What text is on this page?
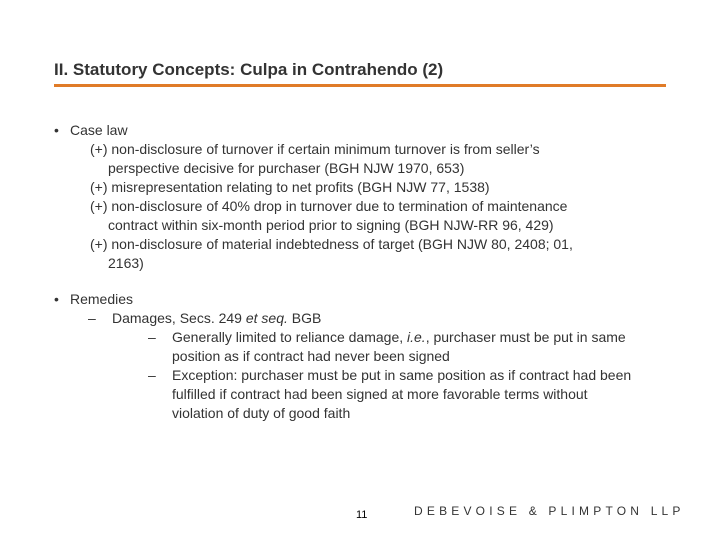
II. Statutory Concepts: Culpa in Contrahendo (2)
• Case law
(+) non-disclosure of turnover if certain minimum turnover is from seller’s
perspective decisive for purchaser (BGH NJW 1970, 653)
(+) misrepresentation relating to net profits (BGH NJW 77, 1538)
(+) non-disclosure of 40% drop in turnover due to termination of maintenance
contract within six-month period prior to signing (BGH NJW-RR 96, 429)
(+) non-disclosure of material indebtedness of target (BGH NJW 80, 2408; 01,
2163)
• Remedies
– Damages, Secs. 249 et seq. BGB
– Generally limited to reliance damage, i.e., purchaser must be put in same
position as if contract had never been signed
– Exception: purchaser must be put in same position as if contract had been
fulfilled if contract had been signed at more favorable terms without
violation of duty of good faith
11	DEBEVOISE & PLIMPTON LLP
